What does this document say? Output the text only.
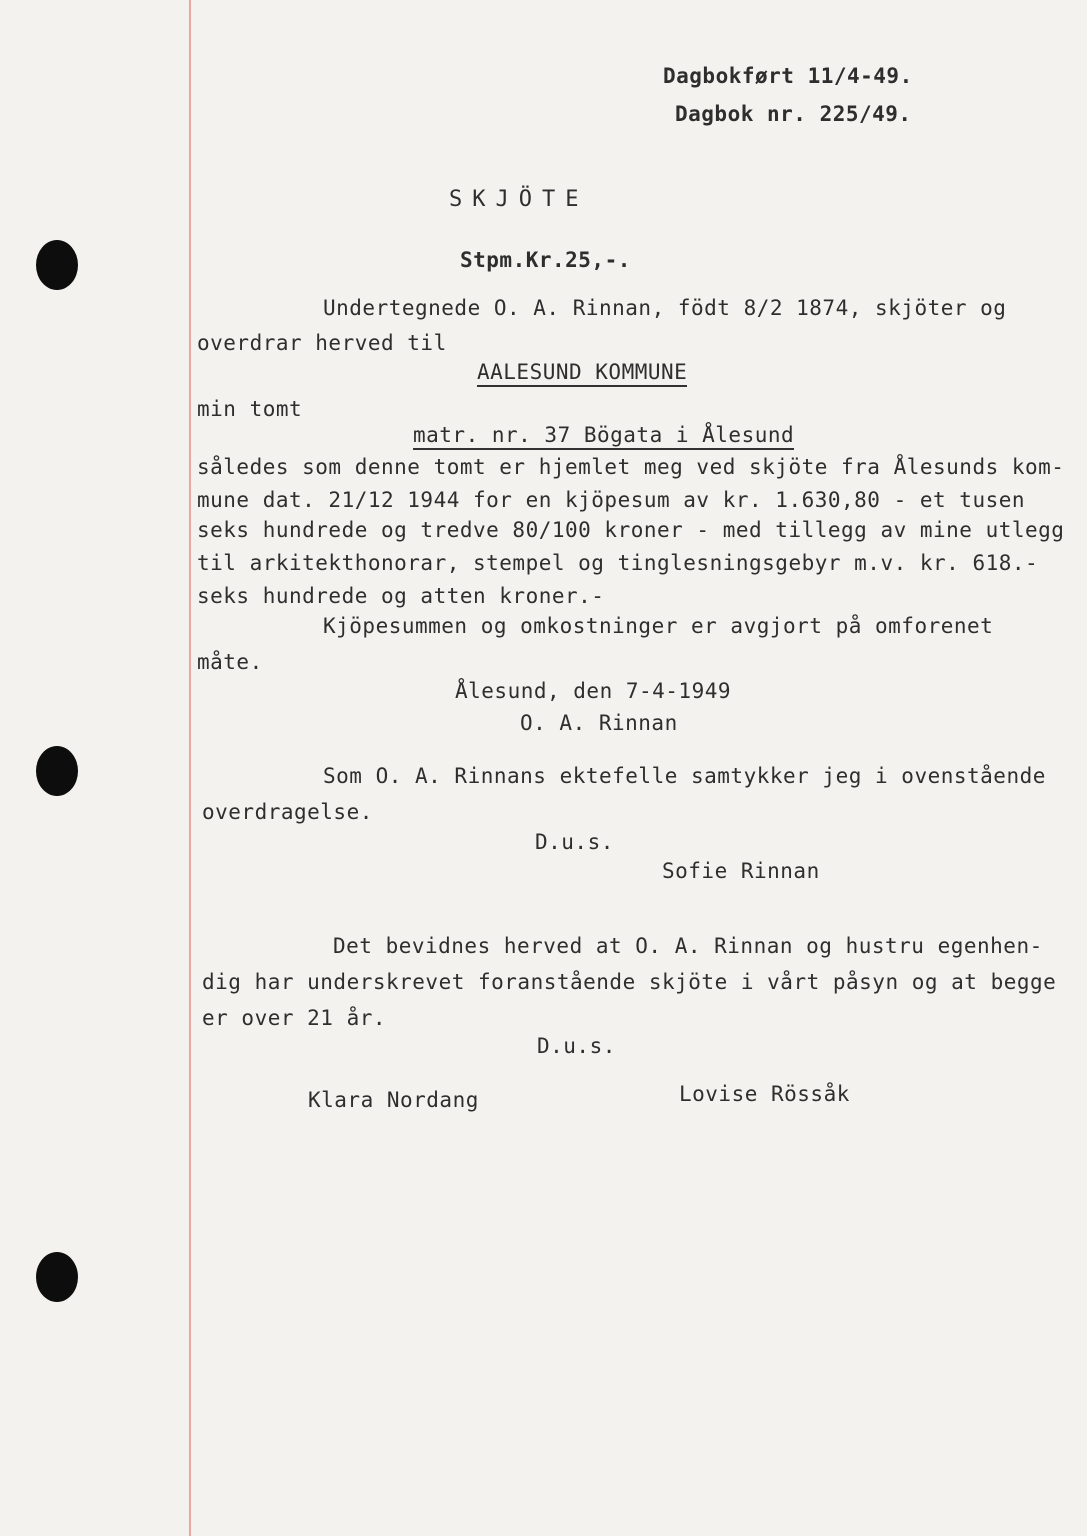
Dagbokført 11/4-49.
Dagbok nr. 225/49.
SKJÖTE
Stpm.Kr.25,-.
Undertegnede O. A. Rinnan, födt 8/2 1874, skjöter og
overdrar herved til
AALESUND KOMMUNE
min tomt
matr. nr. 37 Bögata i Ålesund
således som denne tomt er hjemlet meg ved skjöte fra Ålesunds kom-
mune dat. 21/12 1944 for en kjöpesum av kr. 1.630,80 - et tusen
seks hundrede og tredve 80/100 kroner - med tillegg av mine utlegg
til arkitekthonorar, stempel og tinglesningsgebyr m.v. kr. 618.-
seks hundrede og atten kroner.-
Kjöpesummen og omkostninger er avgjort på omforenet
måte.
Ålesund, den 7-4-1949
O. A. Rinnan
Som O. A. Rinnans ektefelle samtykker jeg i ovenstående
overdragelse.
D.u.s.
Sofie Rinnan
Det bevidnes herved at O. A. Rinnan og hustru egenhen-
dig har underskrevet foranstående skjöte i vårt påsyn og at begge
er over 21 år.
D.u.s.
Klara Nordang	Lovise Rössåk
